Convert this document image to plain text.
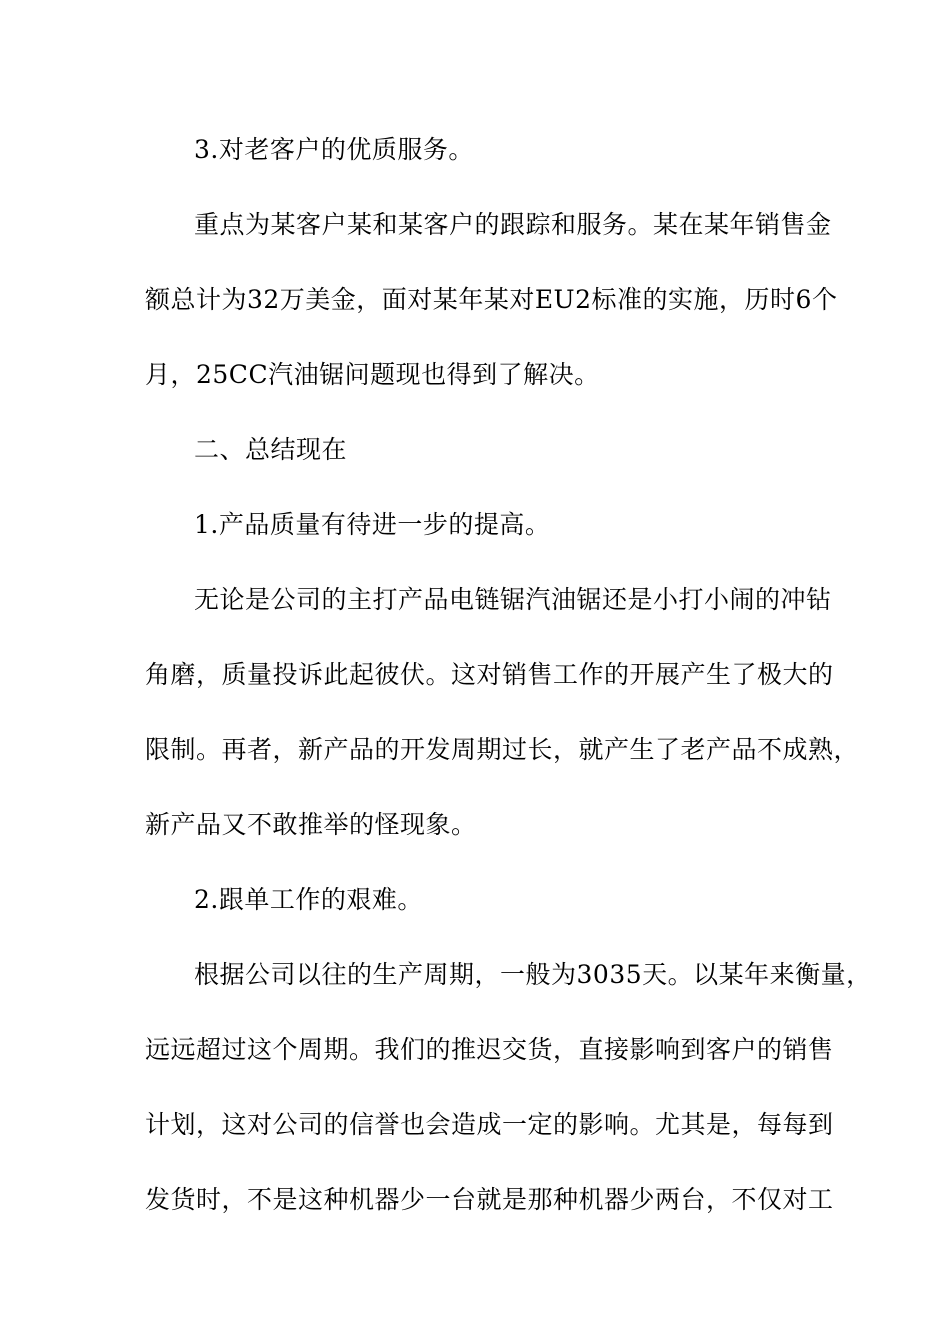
3.对老客户的优质服务。
重点为某客户某和某客户的跟踪和服务。某在某年销售金
额总计为32万美金，面对某年某对EU2标准的实施，历时6个
月，25CC汽油锯问题现也得到了解决。
二、总结现在
1.产品质量有待进一步的提高。
无论是公司的主打产品电链锯汽油锯还是小打小闹的冲钻
角磨，质量投诉此起彼伏。这对销售工作的开展产生了极大的
限制。再者，新产品的开发周期过长，就产生了老产品不成熟，
新产品又不敢推举的怪现象。
2.跟单工作的艰难。
根据公司以往的生产周期，一般为3035天。以某年来衡量，
远远超过这个周期。我们的推迟交货，直接影响到客户的销售
计划，这对公司的信誉也会造成一定的影响。尤其是，每每到
发货时，不是这种机器少一台就是那种机器少两台，不仅对工
